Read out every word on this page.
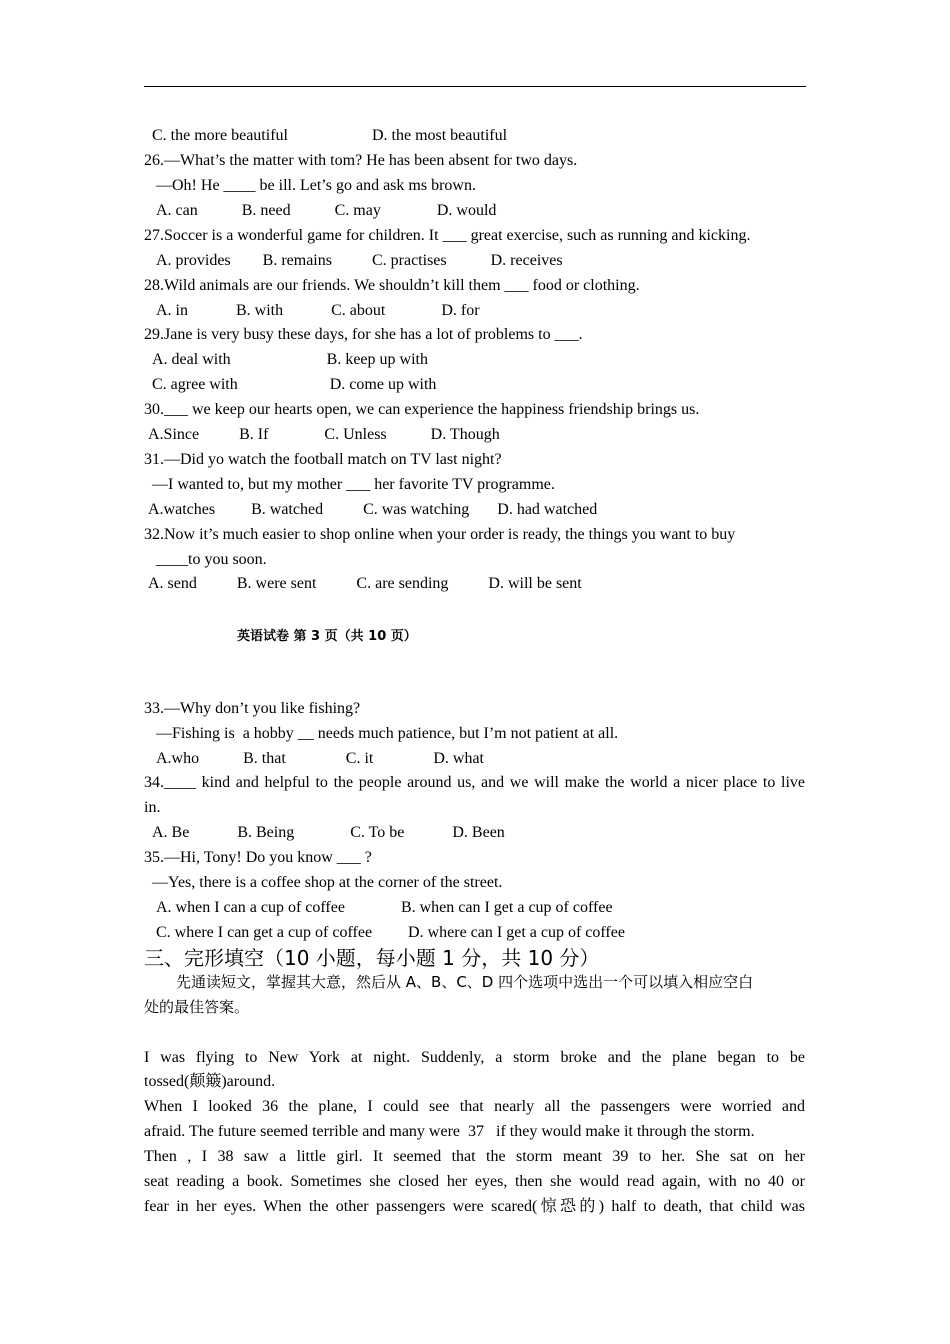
C. the more beautiful                     D. the most beautiful
26.—What’s the matter with tom? He has been absent for two days.
—Oh! He ____ be ill. Let’s go and ask ms brown.
A. can           B. need           C. may              D. would
27.Soccer is a wonderful game for children. It ___ great exercise, such as running and kicking.
A. provides        B. remains          C. practises           D. receives
28.Wild animals are our friends. We shouldn’t kill them ___ food or clothing.
A. in            B. with            C. about              D. for
29.Jane is very busy these days, for she has a lot of problems to ___.
A. deal with                        B. keep up with
C. agree with                       D. come up with
30.___ we keep our hearts open, we can experience the happiness friendship brings us.
A.Since          B. If              C. Unless           D. Though
31.—Did yo watch the football match on TV last night?
—I wanted to, but my mother ___ her favorite TV programme.
A.watches         B. watched          C. was watching       D. had watched
32.Now it’s much easier to shop online when your order is ready, the things you want to buy
____to you soon.
A. send          B. were sent          C. are sending          D. will be sent
33.—Why don’t you like fishing?
—Fishing is  a hobby __ needs much patience, but I’m not patient at all.
A.who           B. that               C. it               D. what
in.
A. Be            B. Being              C. To be            D. Been
35.—Hi, Tony! Do you know ___ ?
—Yes, there is a coffee shop at the corner of the street.
A. when I can a cup of coffee              B. when can I get a cup of coffee
C. where I can get a cup of coffee         D. where can I get a cup of coffee
tossed(颠簸)around.
afraid. The future seemed terrible and many were  37   if they would make it through the storm.
34.____ kind and helpful to the people around us, and we will make the world a nicer place to live
I was flying to New York at night. Suddenly, a storm broke and the plane began to be
When I looked 36 the plane, I could see that nearly all the passengers were worried and
Then , I 38 saw a little girl. It seemed that the storm meant 39 to her. She sat on her
seat reading a book. Sometimes she closed her eyes, then she would read again, with no 40 or
fear in her eyes. When the other passengers were scared(惊恐的) half to death, that child was
英语试卷 第 3 页（共 10 页）
三、完形填空（10 小题，每小题 1 分，共 10 分）
先通读短文，掌握其大意，然后从 A、B、C、D 四个选项中选出一个可以填入相应空白
处的最佳答案。
